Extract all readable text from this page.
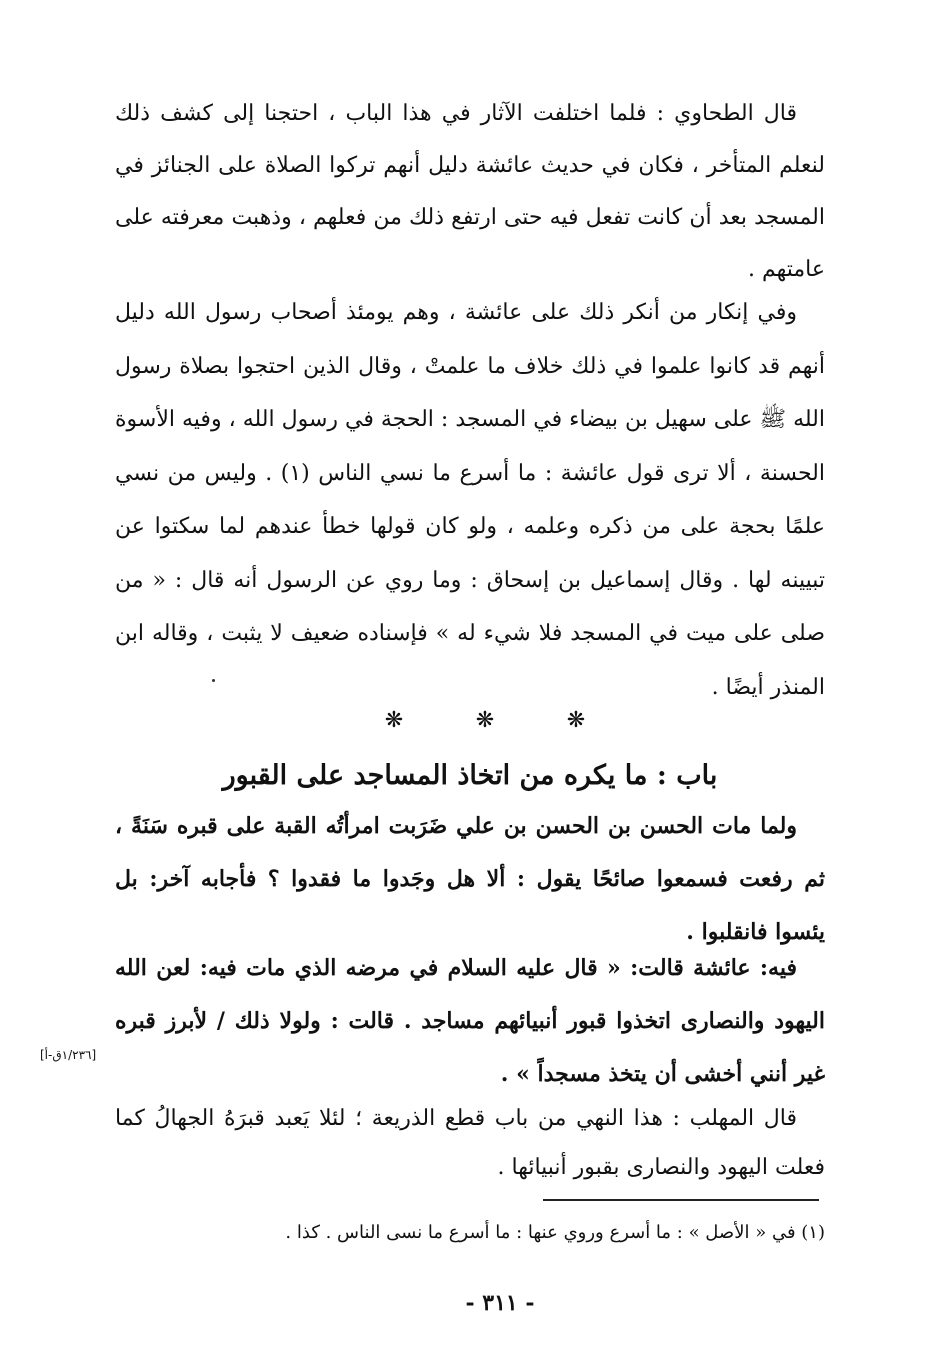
قال الطحاوي : فلما اختلفت الآثار في هذا الباب ، احتجنا إلى كشف ذلك لنعلم المتأخر ، فكان في حديث عائشة دليل أنهم تركوا الصلاة على الجنائز في المسجد بعد أن كانت تفعل فيه حتى ارتفع ذلك من فعلهم ، وذهبت معرفته على عامتهم .

وفي إنكار من أنكر ذلك على عائشة ، وهم يومئذ أصحاب رسول الله دليل أنهم قد كانوا علموا في ذلك خلاف ما علمتْ ، وقال الذين احتجوا بصلاة رسول الله ﷺ على سهيل بن بيضاء في المسجد : الحجة في رسول الله ، وفيه الأسوة الحسنة ، ألا ترى قول عائشة : ما أسرع ما نسي الناس (١) . وليس من نسي علمًا بحجة على من ذكره وعلمه ، ولو كان قولها خطأ عندهم لما سكتوا عن تبيينه لها . وقال إسماعيل بن إسحاق : وما روي عن الرسول أنه قال : « من صلى على ميت في المسجد فلا شيء له » فإسناده ضعيف لا يثبت ، وقاله ابن المنذر أيضًا .

❋	❋	❋
باب : ما يكره من اتخاذ المساجد على القبور

ولما مات الحسن بن الحسن بن علي ضَرَبت امرأتُه القبة على قبره سَنَةً ، ثم رفعت فسمعوا صائحًا يقول : ألا هل وجَدوا ما فقدوا ؟ فأجابه آخر: بل يئسوا فانقلبوا .

فيه: عائشة قالت: « قال عليه السلام في مرضه الذي مات فيه: لعن الله اليهود والنصارى اتخذوا قبور أنبيائهم مساجد . قالت : ولولا ذلك / لأبرز قبره غير أنني أخشى أن يتخذ مسجداً » .

[١/٢٣٦ق-أ]

قال المهلب : هذا النهي من باب قطع الذريعة ؛ لئلا يَعبد قبرَهُ الجهالُ كما فعلت اليهود والنصارى بقبور أنبيائها .

(١) في « الأصل » : ما أسرع وروي عنها : ما أسرع ما نسى الناس . كذا .
- ٣١١ -
